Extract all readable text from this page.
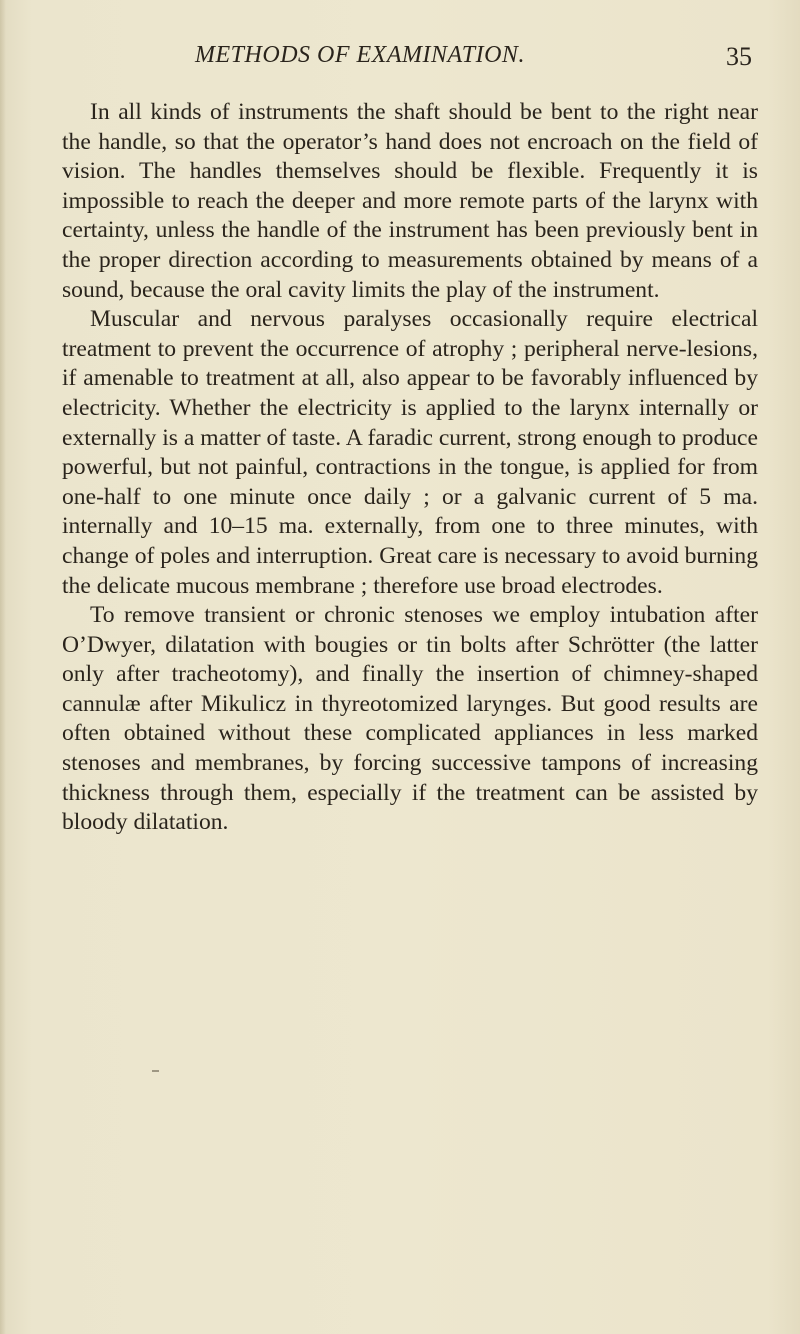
METHODS OF EXAMINATION.	35

In all kinds of instruments the shaft should be bent to the right near the handle, so that the operator’s hand does not encroach on the field of vision. The handles themselves should be flexible. Frequently it is impossible to reach the deeper and more remote parts of the larynx with certainty, unless the handle of the instrument has been previously bent in the proper direction according to measurements obtained by means of a sound, because the oral cavity limits the play of the instrument.

Muscular and nervous paralyses occasionally require electrical treatment to prevent the occurrence of atrophy ; peripheral nerve-lesions, if amenable to treatment at all, also appear to be favorably influenced by electricity. Whether the electricity is applied to the larynx internally or externally is a matter of taste. A faradic current, strong enough to produce powerful, but not painful, contractions in the tongue, is applied for from one-half to one minute once daily ; or a galvanic current of 5 ma. internally and 10–15 ma. externally, from one to three minutes, with change of poles and interruption. Great care is necessary to avoid burning the delicate mucous membrane ; therefore use broad electrodes.

To remove transient or chronic stenoses we employ intubation after O’Dwyer, dilatation with bougies or tin bolts after Schrötter (the latter only after tracheotomy), and finally the insertion of chimney-shaped cannulæ after Mikulicz in thyreotomized larynges. But good results are often obtained without these complicated appliances in less marked stenoses and membranes, by forcing successive tampons of increasing thickness through them, especially if the treatment can be assisted by bloody dilatation.
